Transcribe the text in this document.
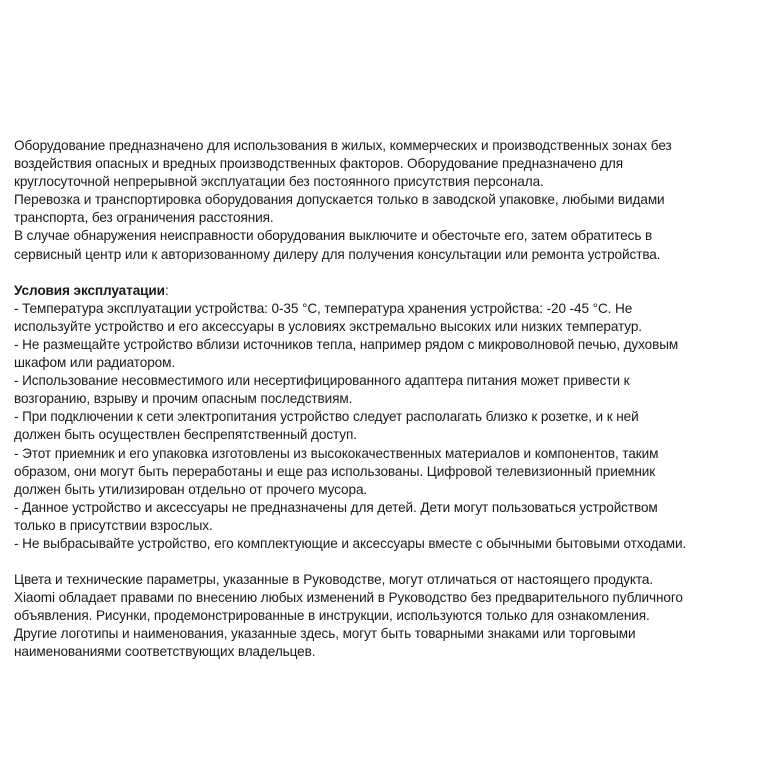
Оборудование предназначено для использования в жилых, коммерческих и производственных зонах без
воздействия опасных и вредных производственных факторов. Оборудование предназначено для
круглосуточной непрерывной эксплуатации без постоянного присутствия персонала.
Перевозка и транспортировка оборудования допускается только в заводской упаковке, любыми видами
транспорта, без ограничения расстояния.
В случае обнаружения неисправности оборудования выключите и обесточьте его, затем обратитесь в
сервисный центр или к авторизованному дилеру для получения консультации или ремонта устройства.
Условия эксплуатации:
- Температура эксплуатации устройства: 0-35 °C, температура хранения устройства: -20 -45 °C. Не
используйте устройство и его аксессуары в условиях экстремально высоких или низких температур.
- Не размещайте устройство вблизи источников тепла, например рядом с микроволновой печью, духовым
шкафом или радиатором.
- Использование несовместимого или несертифицированного адаптера питания может привести к
возгоранию, взрыву и прочим опасным последствиям.
- При подключении к сети электропитания устройство следует располагать близко к розетке, и к ней
должен быть осуществлен беспрепятственный доступ.
- Этот приемник и его упаковка изготовлены из высококачественных материалов и компонентов, таким
образом, они могут быть переработаны и еще раз использованы. Цифровой телевизионный приемник
должен быть утилизирован отдельно от прочего мусора.
- Данное устройство и аксессуары не предназначены для детей. Дети могут пользоваться устройством
только в присутствии взрослых.
- Не выбрасывайте устройство, его комплектующие и аксессуары вместе с обычными бытовыми отходами.
Цвета и технические параметры, указанные в Руководстве, могут отличаться от настоящего продукта.
Xiaomi обладает правами по внесению любых изменений в Руководство без предварительного публичного
объявления. Рисунки, продемонстрированные в инструкции, используются только для ознакомления.
Другие логотипы и наименования, указанные здесь, могут быть товарными знаками или торговыми
наименованиями соответствующих владельцев.
